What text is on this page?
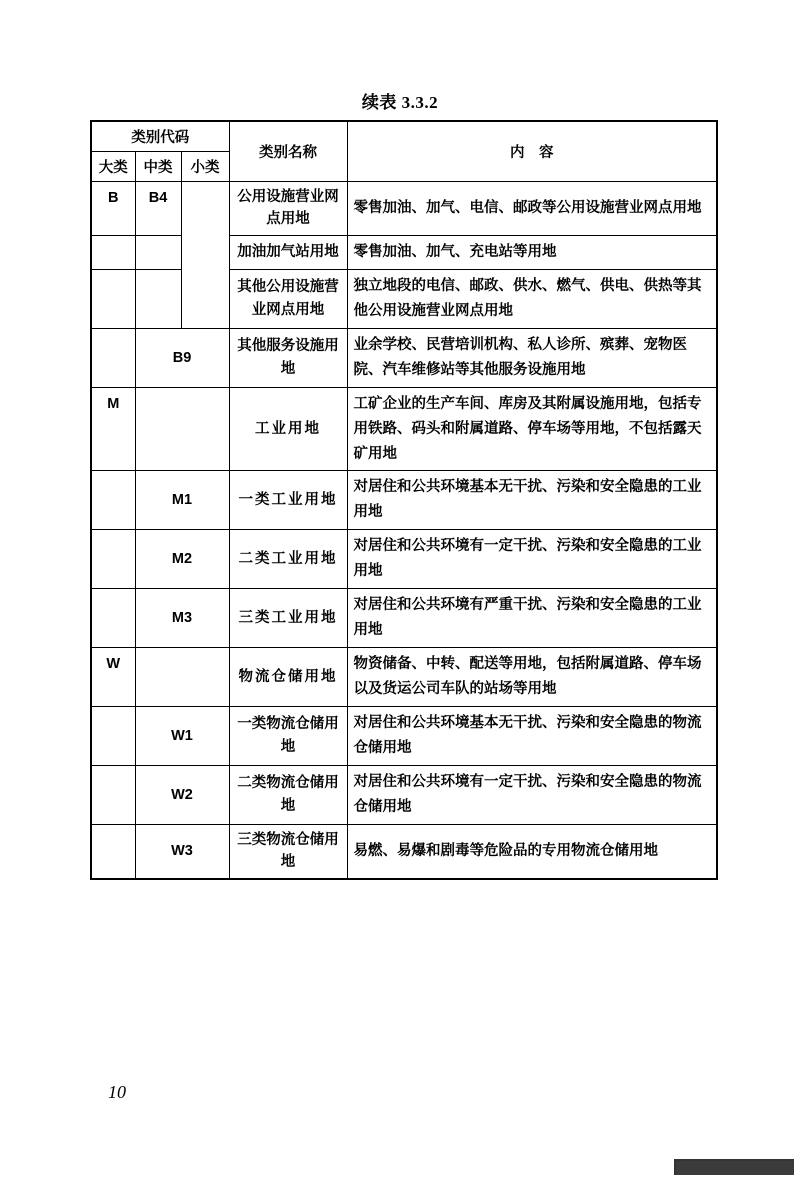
续表 3.3.2
类别代码			类别名称	内　容
大类	中类	小类		
B	B4		公用设施营业网点用地	零售加油、加气、电信、邮政等公用设施营业网点用地
			加油加气站用地	零售加油、加气、充电站等用地
			其他公用设施营业网点用地	独立地段的电信、邮政、供水、燃气、供电、供热等其他公用设施营业网点用地
	B9		其他服务设施用地	业余学校、民营培训机构、私人诊所、殡葬、宠物医院、汽车维修站等其他服务设施用地
M			工业用地	工矿企业的生产车间、库房及其附属设施用地，包括专用铁路、码头和附属道路、停车场等用地，不包括露天矿用地
	M1		一类工业用地	对居住和公共环境基本无干扰、污染和安全隐患的工业用地
	M2		二类工业用地	对居住和公共环境有一定干扰、污染和安全隐患的工业用地
	M3		三类工业用地	对居住和公共环境有严重干扰、污染和安全隐患的工业用地
W			物流仓储用地	物资储备、中转、配送等用地，包括附属道路、停车场以及货运公司车队的站场等用地
	W1		一类物流仓储用地	对居住和公共环境基本无干扰、污染和安全隐患的物流仓储用地
	W2		二类物流仓储用地	对居住和公共环境有一定干扰、污染和安全隐患的物流仓储用地
	W3		三类物流仓储用地	易燃、易爆和剧毒等危险品的专用物流仓储用地
10
